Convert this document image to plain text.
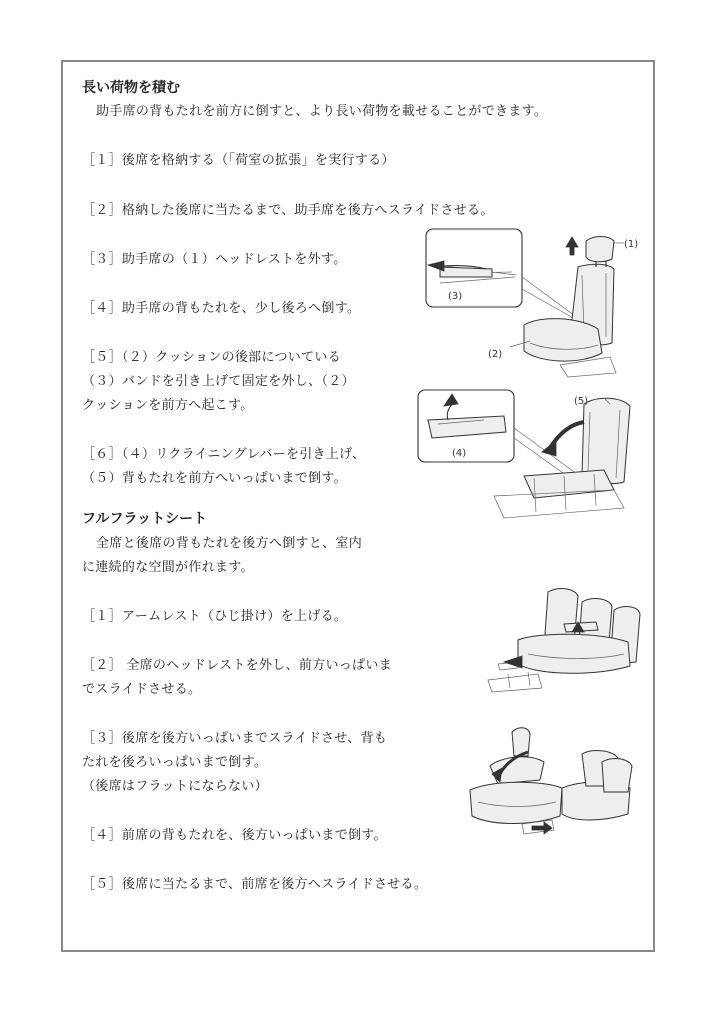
長い荷物を積む
助手席の背もたれを前方に倒すと、より長い荷物を載せることができます。
［１］後席を格納する（「荷室の拡張」を実行する）
［２］格納した後席に当たるまで、助手席を後方へスライドさせる。
［３］助手席の（１）ヘッドレストを外す。
［４］助手席の背もたれを、少し後ろへ倒す。
［５］（２）クッションの後部についている
（３）バンドを引き上げて固定を外し、（２）
クッションを前方へ起こす。
［６］（４）リクライニングレバーを引き上げ、
（５）背もたれを前方へいっぱいまで倒す。
フルフラットシート
全席と後席の背もたれを後方へ倒すと、室内
に連続的な空間が作れます。
［１］アームレスト（ひじ掛け）を上げる。
［２］ 全席のヘッドレストを外し、前方いっぱいま
でスライドさせる。
［３］後席を後方いっぱいまでスライドさせ、背も
たれを後ろいっぱいまで倒す。
（後席はフラットにならない）
［４］前席の背もたれを、後方いっぱいまで倒す。
［５］後席に当たるまで、前席を後方へスライドさせる。
(3)
(1)
(2)
(4)
(5)
